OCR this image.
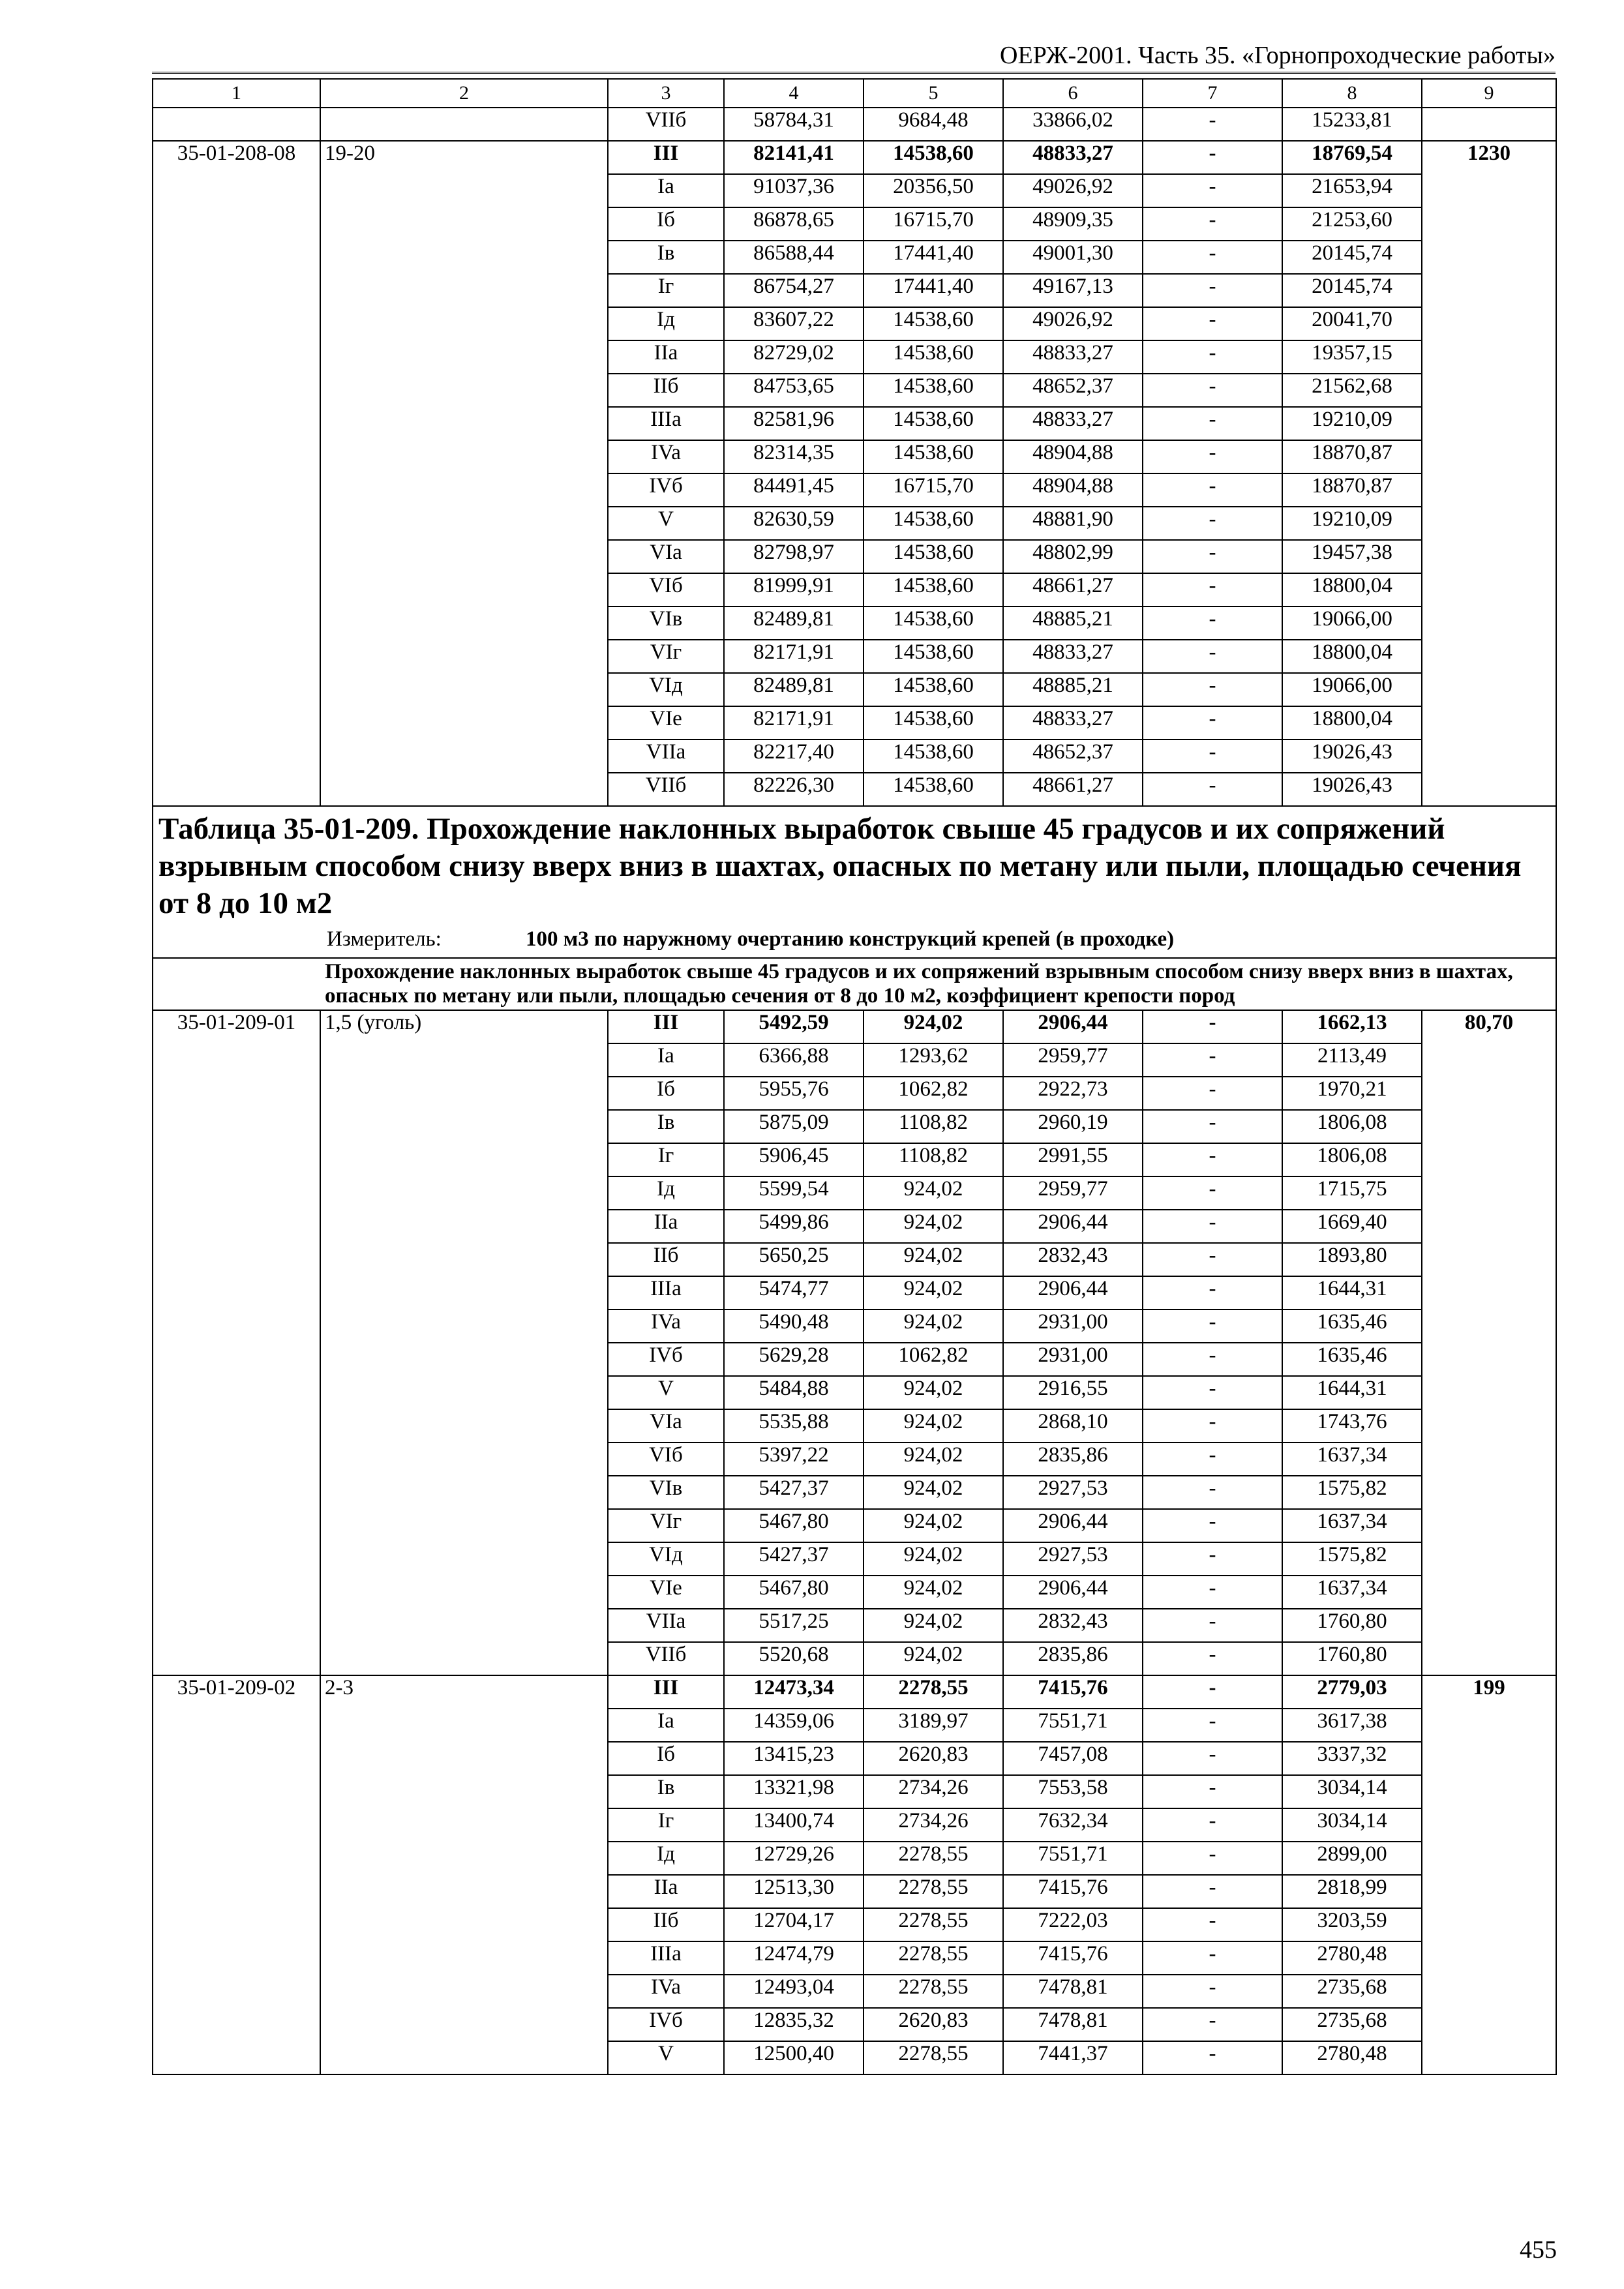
ОЕРЖ-2001. Часть 35. «Горнопроходческие работы»
1	2	3	4	5	6	7	8	9
		VIIб	58784,31	9684,48	33866,02	-	15233,81	
35-01-208-08	19-20	III	82141,41	14538,60	48833,27	-	18769,54	1230
		Ia	91037,36	20356,50	49026,92	-	21653,94	
		Iб	86878,65	16715,70	48909,35	-	21253,60	
		Iв	86588,44	17441,40	49001,30	-	20145,74	
		Iг	86754,27	17441,40	49167,13	-	20145,74	
		Iд	83607,22	14538,60	49026,92	-	20041,70	
		IIa	82729,02	14538,60	48833,27	-	19357,15	
		IIб	84753,65	14538,60	48652,37	-	21562,68	
		IIIa	82581,96	14538,60	48833,27	-	19210,09	
		IVa	82314,35	14538,60	48904,88	-	18870,87	
		IVб	84491,45	16715,70	48904,88	-	18870,87	
		V	82630,59	14538,60	48881,90	-	19210,09	
		VIa	82798,97	14538,60	48802,99	-	19457,38	
		VIб	81999,91	14538,60	48661,27	-	18800,04	
		VIв	82489,81	14538,60	48885,21	-	19066,00	
		VIг	82171,91	14538,60	48833,27	-	18800,04	
		VIд	82489,81	14538,60	48885,21	-	19066,00	
		VIe	82171,91	14538,60	48833,27	-	18800,04	
		VIIa	82217,40	14538,60	48652,37	-	19026,43	
		VIIб	82226,30	14538,60	48661,27	-	19026,43	

Таблица 35-01-209. Прохождение наклонных выработок свыше 45 градусов и их сопряжений взрывным способом снизу вверх вниз в шахтах, опасных по метану или пыли, площадью сечения от 8 до 10 м2
Измеритель: 100 м3 по наружному очертанию конструкций крепей (в проходке)								

Прохождение наклонных выработок свыше 45 градусов и их сопряжений взрывным способом снизу вверх вниз в шахтах, опасных по метану или пыли, площадью сечения от 8 до 10 м2, коэффициент крепости пород								
35-01-209-01	1,5 (уголь)	III	5492,59	924,02	2906,44	-	1662,13	80,70
		Ia	6366,88	1293,62	2959,77	-	2113,49	
		Iб	5955,76	1062,82	2922,73	-	1970,21	
		Iв	5875,09	1108,82	2960,19	-	1806,08	
		Iг	5906,45	1108,82	2991,55	-	1806,08	
		Iд	5599,54	924,02	2959,77	-	1715,75	
		IIa	5499,86	924,02	2906,44	-	1669,40	
		IIб	5650,25	924,02	2832,43	-	1893,80	
		IIIa	5474,77	924,02	2906,44	-	1644,31	
		IVa	5490,48	924,02	2931,00	-	1635,46	
		IVб	5629,28	1062,82	2931,00	-	1635,46	
		V	5484,88	924,02	2916,55	-	1644,31	
		VIa	5535,88	924,02	2868,10	-	1743,76	
		VIб	5397,22	924,02	2835,86	-	1637,34	
		VIв	5427,37	924,02	2927,53	-	1575,82	
		VIг	5467,80	924,02	2906,44	-	1637,34	
		VIд	5427,37	924,02	2927,53	-	1575,82	
		VIe	5467,80	924,02	2906,44	-	1637,34	
		VIIa	5517,25	924,02	2832,43	-	1760,80	
		VIIб	5520,68	924,02	2835,86	-	1760,80	
35-01-209-02	2-3	III	12473,34	2278,55	7415,76	-	2779,03	199
		Ia	14359,06	3189,97	7551,71	-	3617,38	
		Iб	13415,23	2620,83	7457,08	-	3337,32	
		Iв	13321,98	2734,26	7553,58	-	3034,14	
		Iг	13400,74	2734,26	7632,34	-	3034,14	
		Iд	12729,26	2278,55	7551,71	-	2899,00	
		IIa	12513,30	2278,55	7415,76	-	2818,99	
		IIб	12704,17	2278,55	7222,03	-	3203,59	
		IIIa	12474,79	2278,55	7415,76	-	2780,48	
		IVa	12493,04	2278,55	7478,81	-	2735,68	
		IVб	12835,32	2620,83	7478,81	-	2735,68	
		V	12500,40	2278,55	7441,37	-	2780,48	
455
